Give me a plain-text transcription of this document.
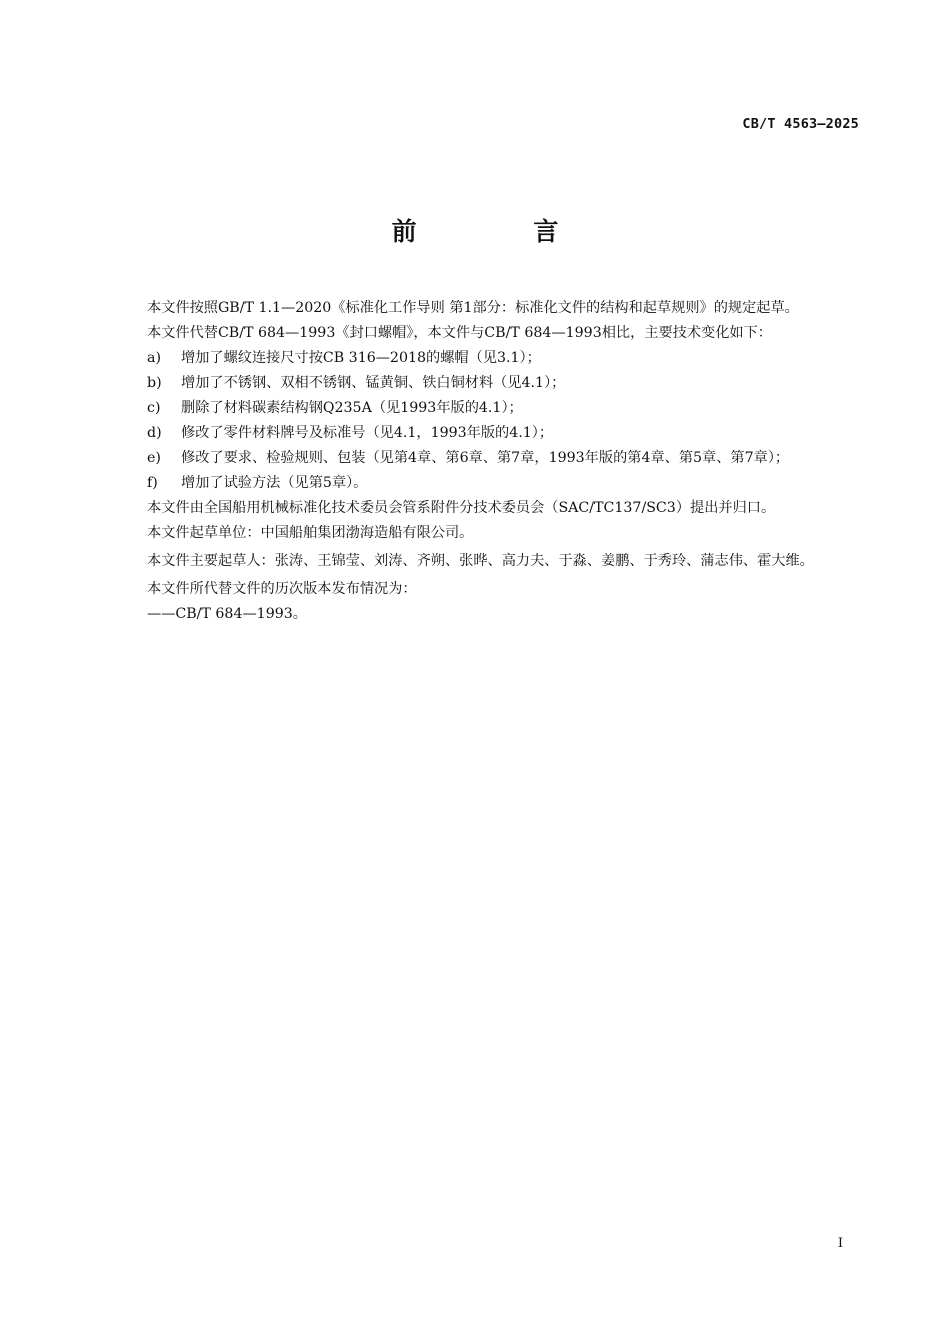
CB/T 4563—2025
前 言

本文件按照GB/T 1.1—2020《标准化工作导则 第1部分：标准化文件的结构和起草规则》的规定起草。

本文件代替CB/T 684—1993《封口螺帽》，本文件与CB/T 684—1993相比，主要技术变化如下：

a) 增加了螺纹连接尺寸按CB 316—2018的螺帽（见3.1）；

b) 增加了不锈钢、双相不锈钢、锰黄铜、铁白铜材料（见4.1）；

c) 删除了材料碳素结构钢Q235A（见1993年版的4.1）；

d) 修改了零件材料牌号及标准号（见4.1，1993年版的4.1）；

e) 修改了要求、检验规则、包装（见第4章、第6章、第7章，1993年版的第4章、第5章、第7章）；

f) 增加了试验方法（见第5章）。

本文件由全国船用机械标准化技术委员会管系附件分技术委员会（SAC/TC137/SC3）提出并归口。

本文件起草单位：中国船舶集团渤海造船有限公司。

本文件主要起草人：张涛、王锦莹、刘涛、齐朔、张晔、高力夫、于淼、姜鹏、于秀玲、蒲志伟、霍大维。

本文件所代替文件的历次版本发布情况为：

——CB/T 684—1993。

I
